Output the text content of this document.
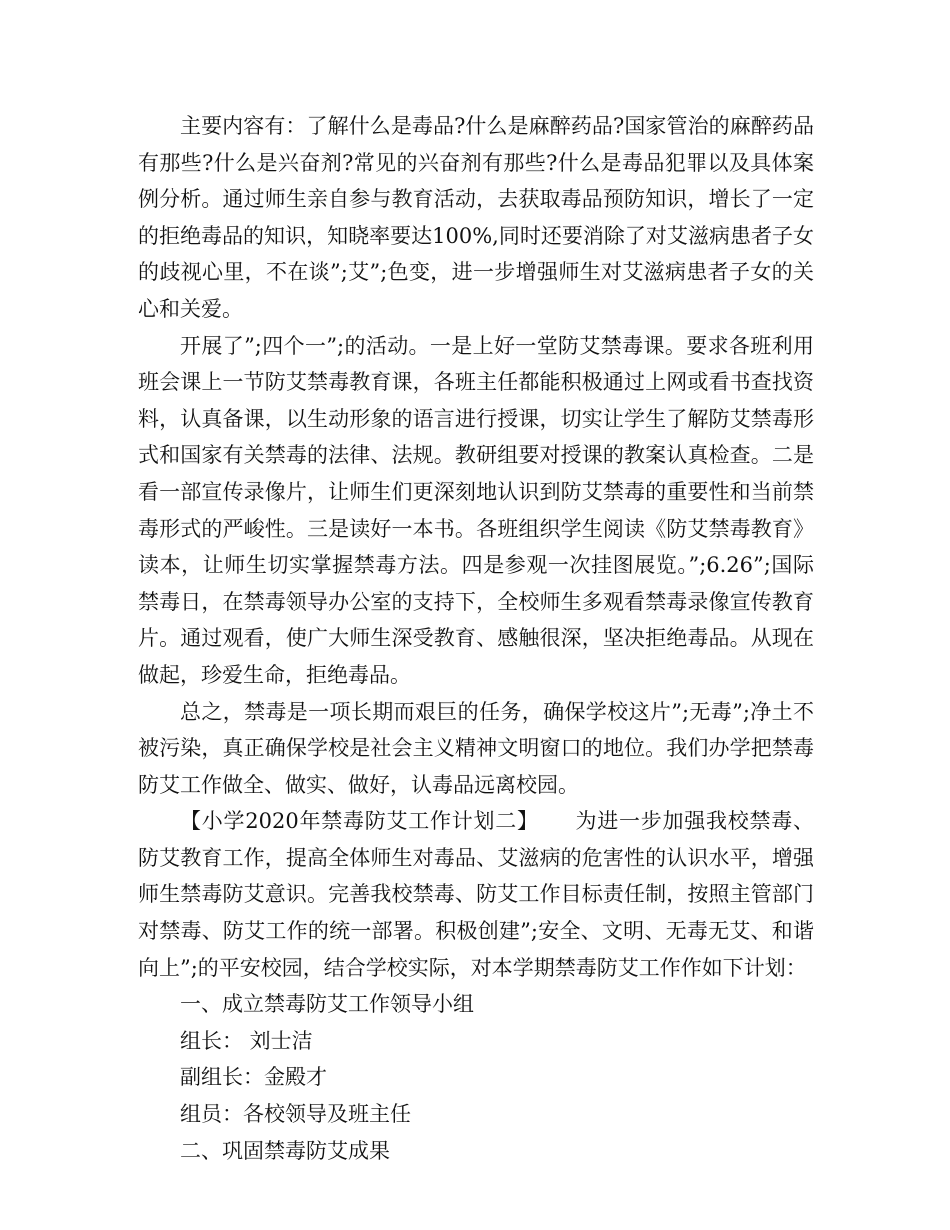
主要内容有：了解什么是毒品?什么是麻醉药品?国家管治的麻醉药品有那些?什么是兴奋剂?常见的兴奋剂有那些?什么是毒品犯罪以及具体案例分析。通过师生亲自参与教育活动，去获取毒品预防知识，增长了一定的拒绝毒品的知识，知晓率要达100%,同时还要消除了对艾滋病患者子女的歧视心里，不在谈”;艾”;色变，进一步增强师生对艾滋病患者子女的关心和关爱。

开展了”;四个一”;的活动。一是上好一堂防艾禁毒课。要求各班利用班会课上一节防艾禁毒教育课，各班主任都能积极通过上网或看书查找资料，认真备课，以生动形象的语言进行授课，切实让学生了解防艾禁毒形式和国家有关禁毒的法律、法规。教研组要对授课的教案认真检查。二是看一部宣传录像片，让师生们更深刻地认识到防艾禁毒的重要性和当前禁毒形式的严峻性。三是读好一本书。各班组织学生阅读《防艾禁毒教育》读本，让师生切实掌握禁毒方法。四是参观一次挂图展览。”;6.26”;国际禁毒日，在禁毒领导办公室的支持下，全校师生多观看禁毒录像宣传教育片。通过观看，使广大师生深受教育、感触很深，坚决拒绝毒品。从现在做起，珍爱生命，拒绝毒品。

总之，禁毒是一项长期而艰巨的任务，确保学校这片”;无毒”;净土不被污染，真正确保学校是社会主义精神文明窗口的地位。我们办学把禁毒防艾工作做全、做实、做好，认毒品远离校园。

【小学2020年禁毒防艾工作计划二】 为进一步加强我校禁毒、防艾教育工作，提高全体师生对毒品、艾滋病的危害性的认识水平，增强师生禁毒防艾意识。完善我校禁毒、防艾工作目标责任制，按照主管部门对禁毒、防艾工作的统一部署。积极创建”;安全、文明、无毒无艾、和谐向上”;的平安校园，结合学校实际，对本学期禁毒防艾工作作如下计划：

一、成立禁毒防艾工作领导小组

组长： 刘士洁

副组长：金殿才

组员：各校领导及班主任

二、巩固禁毒防艾成果
